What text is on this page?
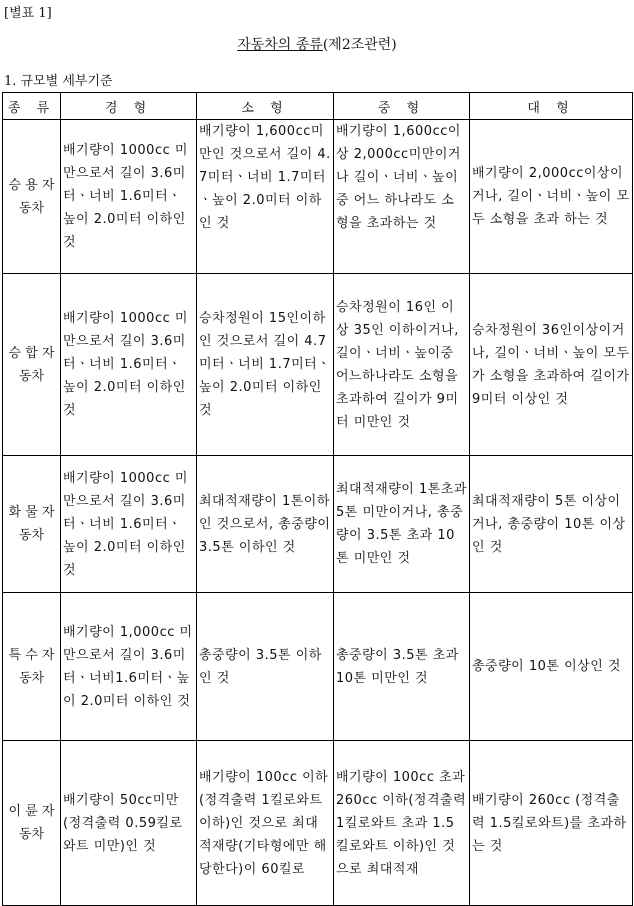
[별표 1]
자동차의 종류(제2조관련)
1. 규모별 세부기준
종 류	경 형	소 형	중 형	대 형
승 용 자동차	배기량이 1000cc 미만으로서 길이 3.6미터ㆍ너비 1.6미터ㆍ높이 2.0미터 이하인 것	배기량이 1,600cc미만인 것으로서 길이 4.7미터ㆍ너비 1.7미터ㆍ높이 2.0미터 이하인 것	배기량이 1,600cc이상 2,000cc미만이거나 길이ㆍ너비ㆍ높이중 어느 하나라도 소형을 초과하는 것	배기량이 2,000cc이상이거나, 길이ㆍ너비ㆍ높이 모두 소형을 초과 하는 것
승 합 자동차	배기량이 1000cc 미만으로서 길이 3.6미터ㆍ너비 1.6미터ㆍ높이 2.0미터 이하인 것	승차정원이 15인이하인 것으로서 길이 4.7미터ㆍ너비 1.7미터ㆍ높이 2.0미터 이하인 것	승차정원이 16인 이상 35인 이하이거나, 길이ㆍ너비ㆍ높이중 어느하나라도 소형을 초과하여 길이가 9미터 미만인 것	승차정원이 36인이상이거나, 길이ㆍ너비ㆍ높이 모두가 소형을 초과하여 길이가 9미터 이상인 것
화 물 자동차	배기량이 1000cc 미만으로서 길이 3.6미터ㆍ너비 1.6미터ㆍ높이 2.0미터 이하인 것	최대적재량이 1톤이하인 것으로서, 총중량이 3.5톤 이하인 것	최대적재량이 1톤초과 5톤 미만이거나, 총중량이 3.5톤 초과 10톤 미만인 것	최대적재량이 5톤 이상이거나, 총중량이 10톤 이상인 것
특 수 자동차	배기량이 1,000cc 미만으로서 길이 3.6미터ㆍ너비1.6미터ㆍ높이 2.0미터 이하인 것	총중량이 3.5톤 이하인 것	총중량이 3.5톤 초과 10톤 미만인 것	총중량이 10톤 이상인 것
이 륜 자동차	배기량이 50cc미만(정격출력 0.59킬로와트 미만)인 것	배기량이 100cc 이하 (정격출력 1킬로와트 이하)인 것으로 최대적재량(기타형에만 해당한다)이 60킬로	배기량이 100cc 초과 260cc 이하(정격출력 1킬로와트 초과 1.5킬로와트 이하)인 것으로 최대적재	배기량이 260cc (정격출력 1.5킬로와트)를 초과하는 것
